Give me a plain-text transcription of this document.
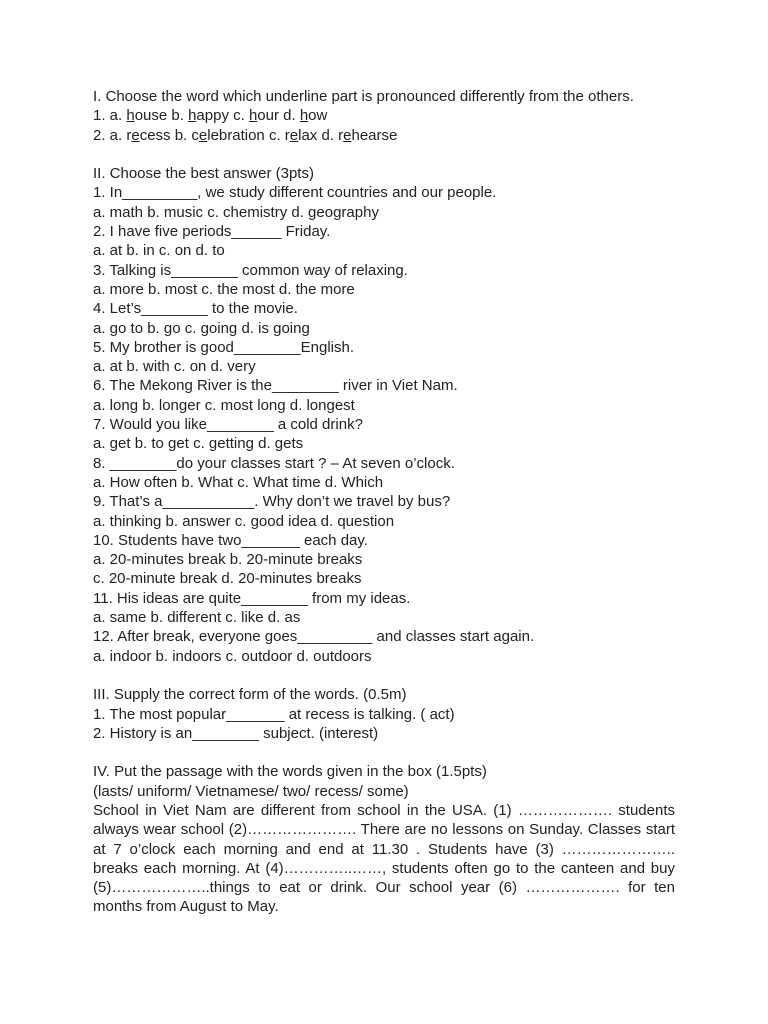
I. Choose the word which underline part is pronounced differently from the others.
1. a. house b. happy c. hour d. how
2. a. recess b. celebration c. relax d. rehearse
II. Choose the best answer (3pts)
1. In_________, we study different countries and our people.
a. math b. music c. chemistry d. geography
2. I have five periods______ Friday.
a. at b. in c. on d. to
3. Talking is________ common way of relaxing.
a. more b. most c. the most d. the more
4. Let’s________ to the movie.
a. go to b. go c. going d. is going
5. My brother is good________English.
a. at b. with c. on d. very
6. The Mekong River is the________ river in Viet Nam.
a. long b. longer c. most long d. longest
7. Would you like________ a cold drink?
a. get b. to get c. getting d. gets
8. ________do your classes start ? – At seven o’clock.
a. How often b. What c. What time d. Which
9. That’s a___________. Why don’t we travel by bus?
a. thinking b. answer c. good idea d. question
10. Students have two_______ each day.
a. 20-minutes break b. 20-minute breaks
c. 20-minute break d. 20-minutes breaks
11. His ideas are quite________ from my ideas.
a. same b. different c. like d. as
12. After break, everyone goes_________ and classes start again.
a. indoor b. indoors c. outdoor d. outdoors
III. Supply the correct form of the words. (0.5m)
1. The most popular_______ at recess is talking. ( act)
2. History is an________ subject. (interest)
IV. Put the passage with the words given in the box (1.5pts)
(lasts/ uniform/ Vietnamese/ two/ recess/ some)
School in Viet Nam are different from school in the USA. (1) ………………. students always wear school (2)…………………. There are no lessons on Sunday. Classes start at 7 o’clock each morning and end at 11.30 . Students have (3) ………………….. breaks each morning. At (4)…………..……, students often go to the canteen and buy (5)………………..things to eat or drink. Our school year (6) ………………. for ten months from August to May.
